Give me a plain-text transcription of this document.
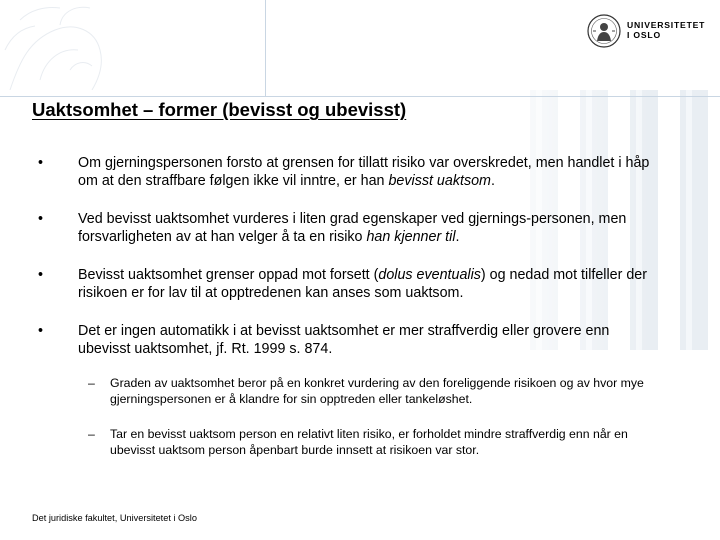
UNIVERSITETET
I OSLO
Uaktsomhet – former (bevisst og ubevisst)
• Om gjerningspersonen forsto at grensen for tillatt risiko var overskredet, men handlet i håp om at den straffbare følgen ikke vil inntre, er han bevisst uaktsom.
• Ved bevisst uaktsomhet vurderes i liten grad egenskaper ved gjernings-personen, men forsvarligheten av at han velger å ta en risiko han kjenner til.
• Bevisst uaktsomhet grenser oppad mot forsett (dolus eventualis) og nedad mot tilfeller der risikoen er for lav til at opptredenen kan anses som uaktsom.
• Det er ingen automatikk i at bevisst uaktsomhet er mer straffverdig eller grovere enn ubevisst uaktsomhet, jf. Rt. 1999 s. 874.
– Graden av uaktsomhet beror på en konkret vurdering av den foreliggende risikoen og av hvor mye gjerningspersonen er å klandre for sin opptreden eller tankeløshet.
– Tar en bevisst uaktsom person en relativt liten risiko, er forholdet mindre straffverdig enn når en ubevisst uaktsom person åpenbart burde innsett at risikoen var stor.
Det juridiske fakultet, Universitetet i Oslo
